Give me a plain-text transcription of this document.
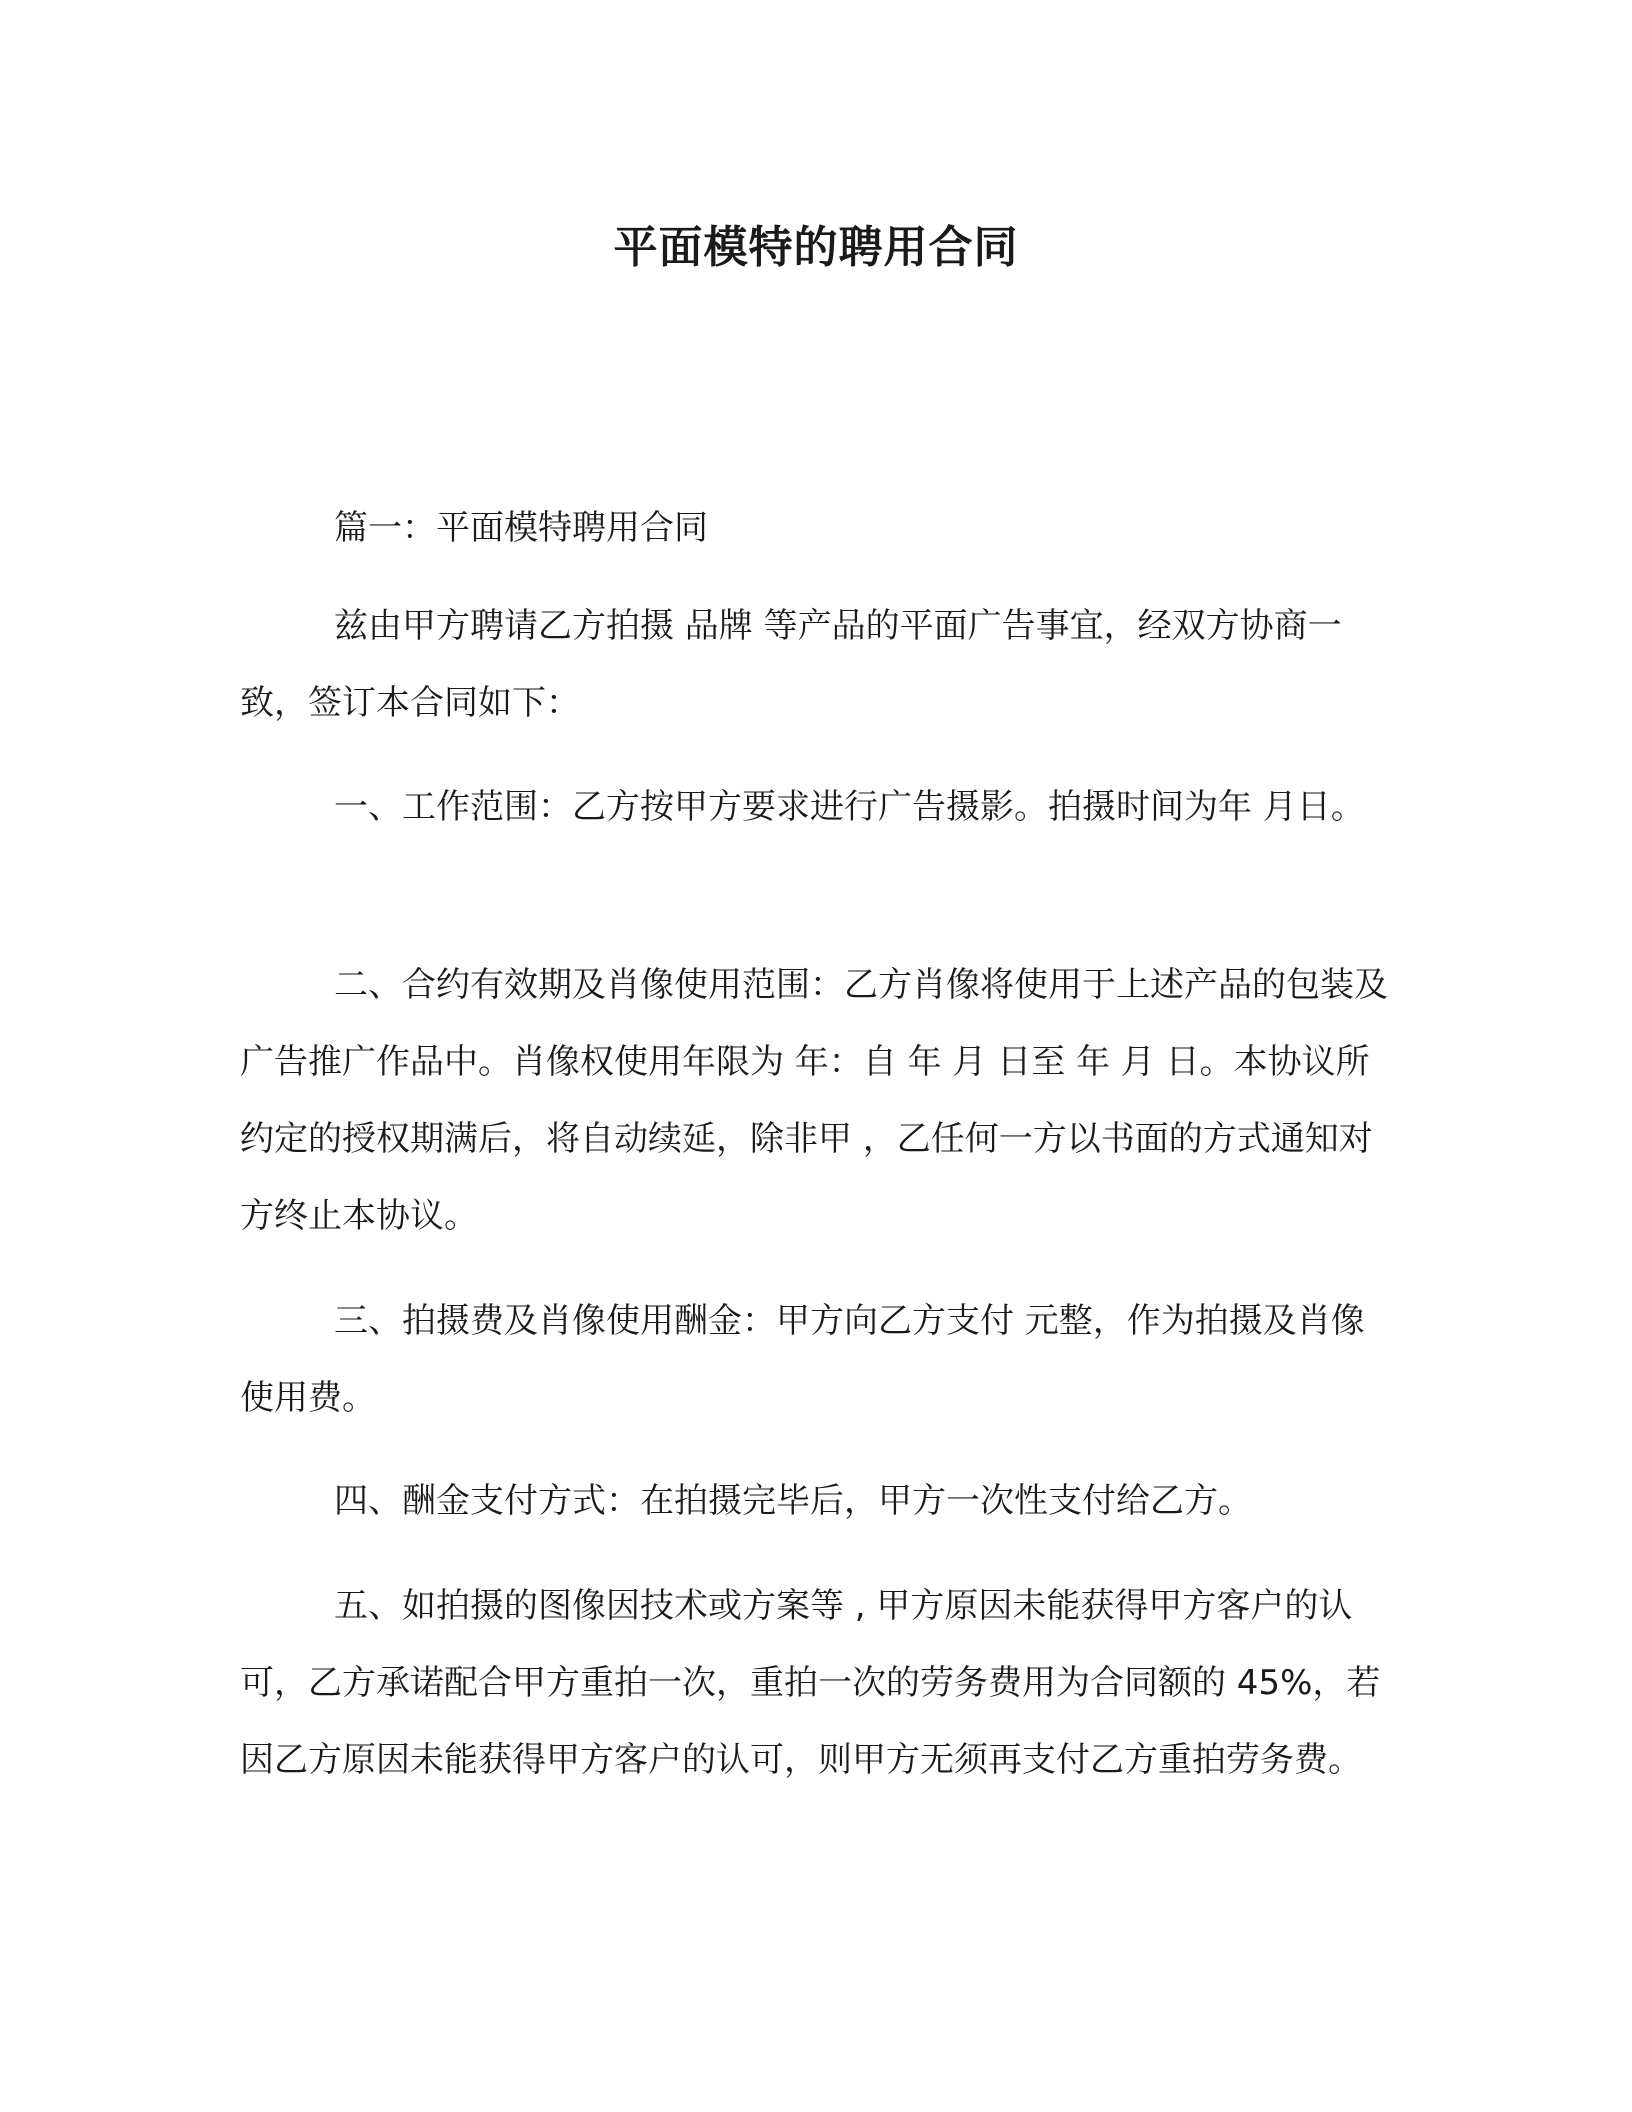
平面模特的聘用合同

篇一：平面模特聘用合同

兹由甲方聘请乙方拍摄 品牌 等产品的平面广告事宜，经双方协商一致，签订本合同如下：

一、工作范围：乙方按甲方要求进行广告摄影。拍摄时间为年 月日。

二、合约有效期及肖像使用范围：乙方肖像将使用于上述产品的包装及广告推广作品中。肖像权使用年限为 年：自 年 月 日至 年 月 日。本协议所约定的授权期满后，将自动续延，除非甲 ，乙任何一方以书面的方式通知对方终止本协议。

三、拍摄费及肖像使用酬金：甲方向乙方支付 元整，作为拍摄及肖像使用费。

四、酬金支付方式：在拍摄完毕后，甲方一次性支付给乙方。

五、如拍摄的图像因技术或方案等 , 甲方原因未能获得甲方客户的认可，乙方承诺配合甲方重拍一次，重拍一次的劳务费用为合同额的 45%，若因乙方原因未能获得甲方客户的认可，则甲方无须再支付乙方重拍劳务费。
